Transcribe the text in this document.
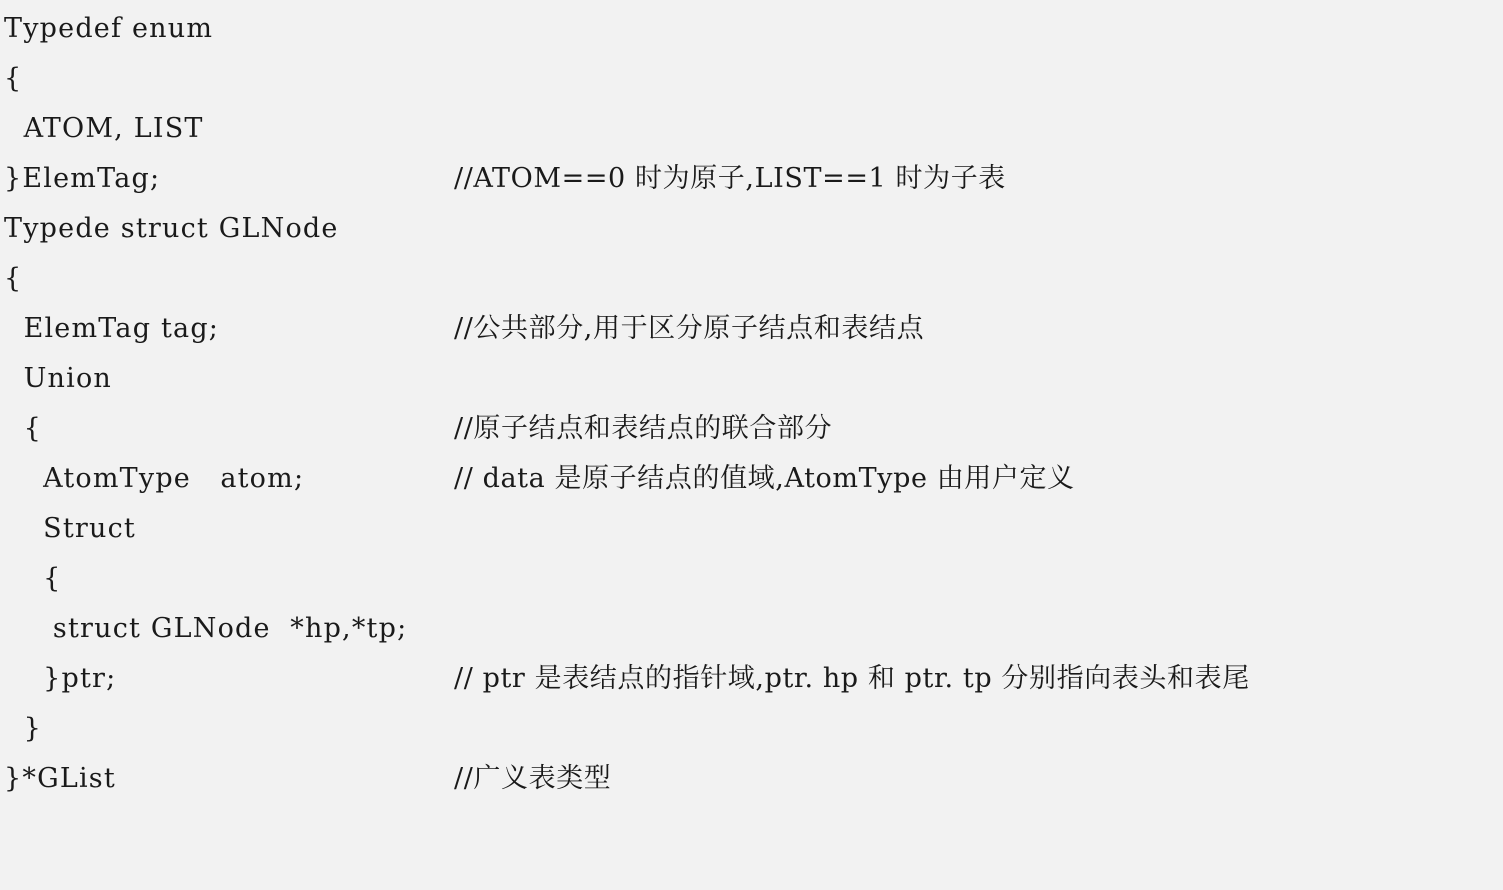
Typedef enum
{
ATOM, LIST
}ElemTag;	//ATOM==0 时为原子,LIST==1 时为子表
Typede struct GLNode
{
ElemTag tag;	//公共部分,用于区分原子结点和表结点
Union
{	//原子结点和表结点的联合部分
AtomType   atom;	// data 是原子结点的值域,AtomType 由用户定义
Struct
{
struct GLNode  *hp,*tp;
}ptr;	// ptr 是表结点的指针域,ptr. hp 和 ptr. tp 分别指向表头和表尾
}
}*GList	//广义表类型
